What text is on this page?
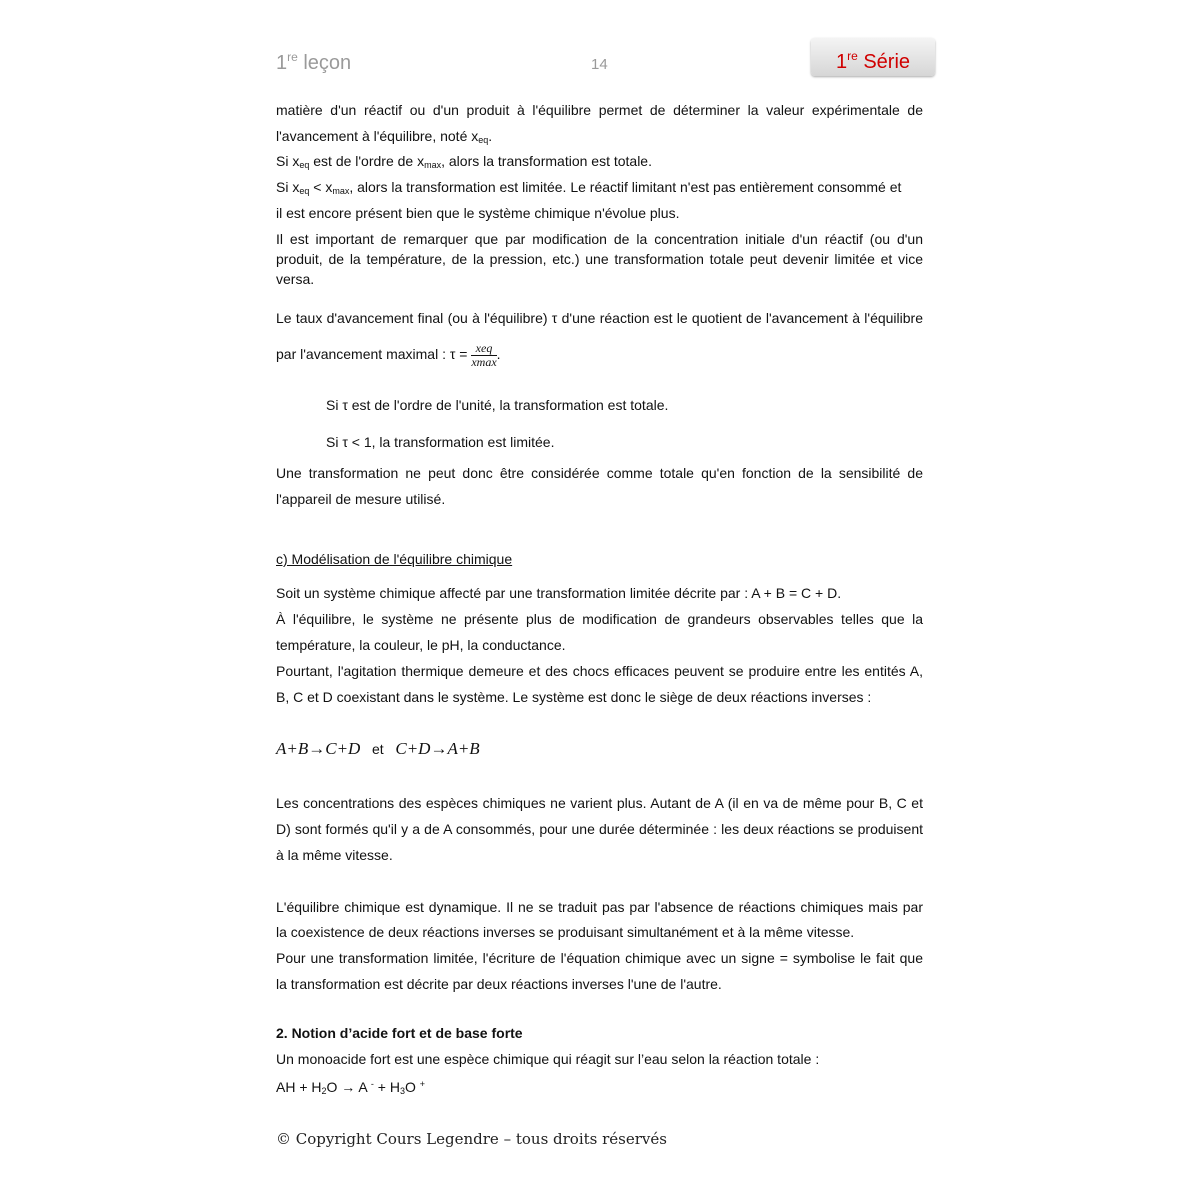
1re leçon	14	1re Série
matière d'un réactif ou d'un produit à l'équilibre permet de déterminer la valeur expérimentale de
l'avancement à l'équilibre, noté $x_{eq}$.
Si $x_{eq}$ est de l'ordre de $x_{max}$, alors la transformation est totale.
Si $x_{eq} < x_{max}$, alors la transformation est limitée. Le réactif limitant n'est pas entièrement consommé et
il est encore présent bien que le système chimique n'évolue plus.
Il est important de remarquer que par modification de la concentration initiale d'un réactif (ou d'un
produit, de la température, de la pression, etc.) une transformation totale peut devenir limitée et vice
versa.
Le taux d'avancement final (ou à l'équilibre) τ d'une réaction est le quotient de l'avancement à l'équilibre
par l'avancement maximal : $\tau = \frac{\text{xeq}}{xmax}$.
Si τ est de l'ordre de l'unité, la transformation est totale.
Si τ < 1, la transformation est limitée.
Une transformation ne peut donc être considérée comme totale qu'en fonction de la sensibilité de
l'appareil de mesure utilisé.
c) Modélisation de l'équilibre chimique
Soit un système chimique affecté par une transformation limitée décrite par : A + B = C + D.
À l'équilibre, le système ne présente plus de modification de grandeurs observables telles que la
température, la couleur, le pH, la conductance.
Pourtant, l'agitation thermique demeure et des chocs efficaces peuvent se produire entre les entités A,
B, C et D coexistant dans le système. Le système est donc le siège de deux réactions inverses :
A+B→C+D et C+D→A+B
Les concentrations des espèces chimiques ne varient plus. Autant de A (il en va de même pour B, C et
D) sont formés qu'il y a de A consommés, pour une durée déterminée : les deux réactions se produisent
à la même vitesse.
L'équilibre chimique est dynamique. Il ne se traduit pas par l'absence de réactions chimiques mais par
la coexistence de deux réactions inverses se produisant simultanément et à la même vitesse.
Pour une transformation limitée, l'écriture de l'équation chimique avec un signe = symbolise le fait que
la transformation est décrite par deux réactions inverses l'une de l'autre.
2. Notion d’acide fort et de base forte
Un monoacide fort est une espèce chimique qui réagit sur l’eau selon la réaction totale :
AH + $H_2O \to A$ $^- + H_3O$ +
© Copyright Cours Legendre – tous droits réservés
